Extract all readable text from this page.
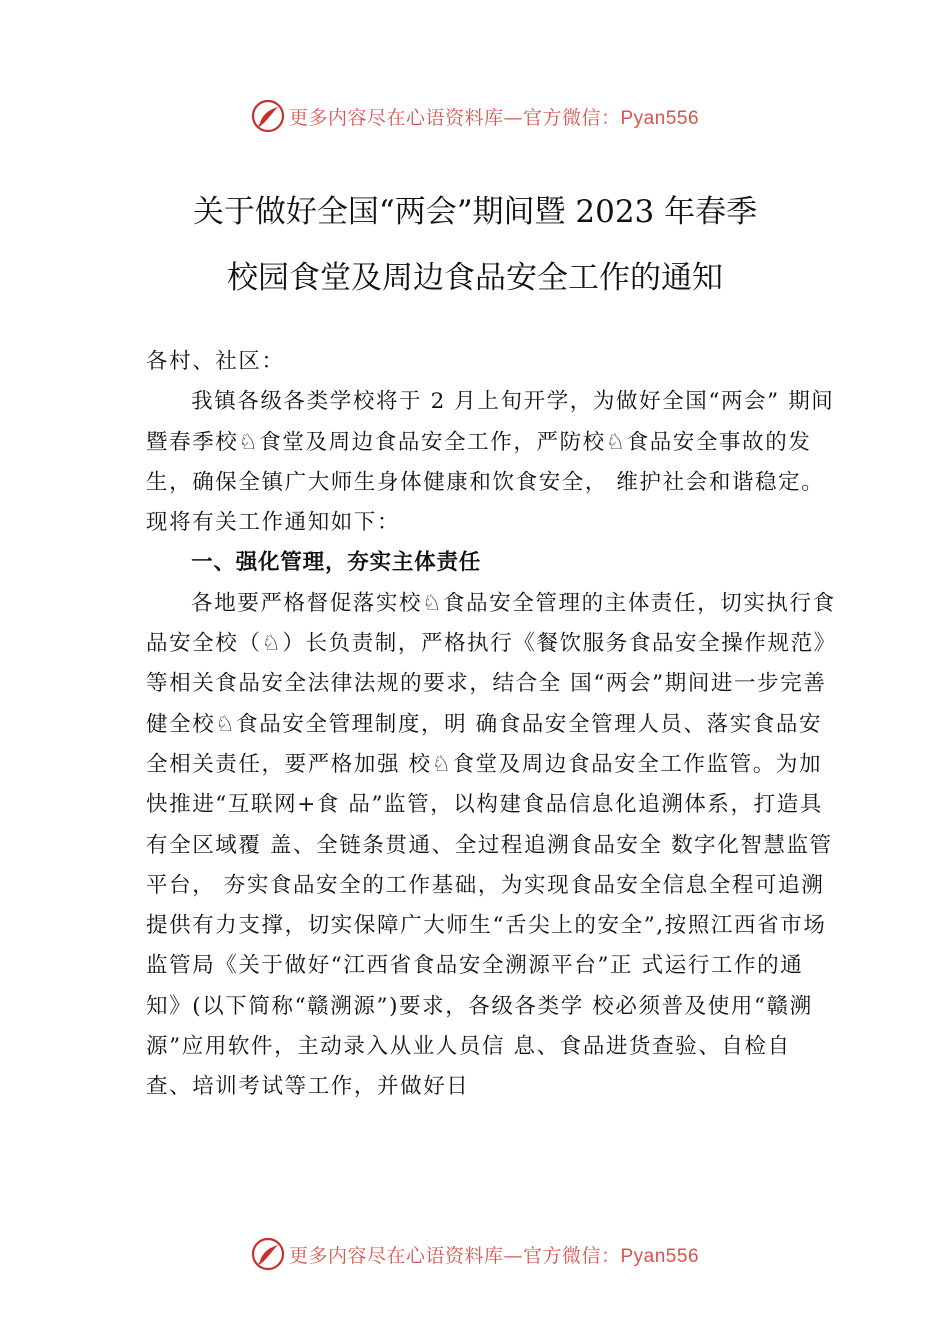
更多内容尽在心语资料库—官方微信：Pyan556
关于做好全国“两会”期间暨 2023 年春季
校园食堂及周边食品安全工作的通知

各村、社区：

我镇各级各类学校将于 2 月上旬开学，为做好全国“两会” 期间暨春季校♘食堂及周边食品安全工作，严防校♘食品安全事故的发生，确保全镇广大师生身体健康和饮食安全， 维护社会和谐稳定。现将有关工作通知如下：

一、强化管理，夯实主体责任

各地要严格督促落实校♘食品安全管理的主体责任，切实执行食品安全校（♘）长负责制，严格执行《餐饮服务食品安全操作规范》等相关食品安全法律法规的要求，结合全 国“两会”期间进一步完善健全校♘食品安全管理制度，明 确食品安全管理人员、落实食品安全相关责任，要严格加强 校♘食堂及周边食品安全工作监管。为加快推进“互联网+食 品”监管，以构建食品信息化追溯体系，打造具有全区域覆 盖、全链条贯通、全过程追溯食品安全 数字化智慧监管平台， 夯实食品安全的工作基础，为实现食品安全信息全程可追溯 提供有力支撑，切实保障广大师生“舌尖上的安全”,按照江西省市场监管局《关于做好“江西省食品安全溯源平台”正 式运行工作的通知》(以下简称“赣溯源”)要求，各级各类学 校必须普及使用“赣溯源”应用软件，主动录入从业人员信 息、食品进货查验、自检自查、培训考试等工作，并做好日

更多内容尽在心语资料库—官方微信：Pyan556
